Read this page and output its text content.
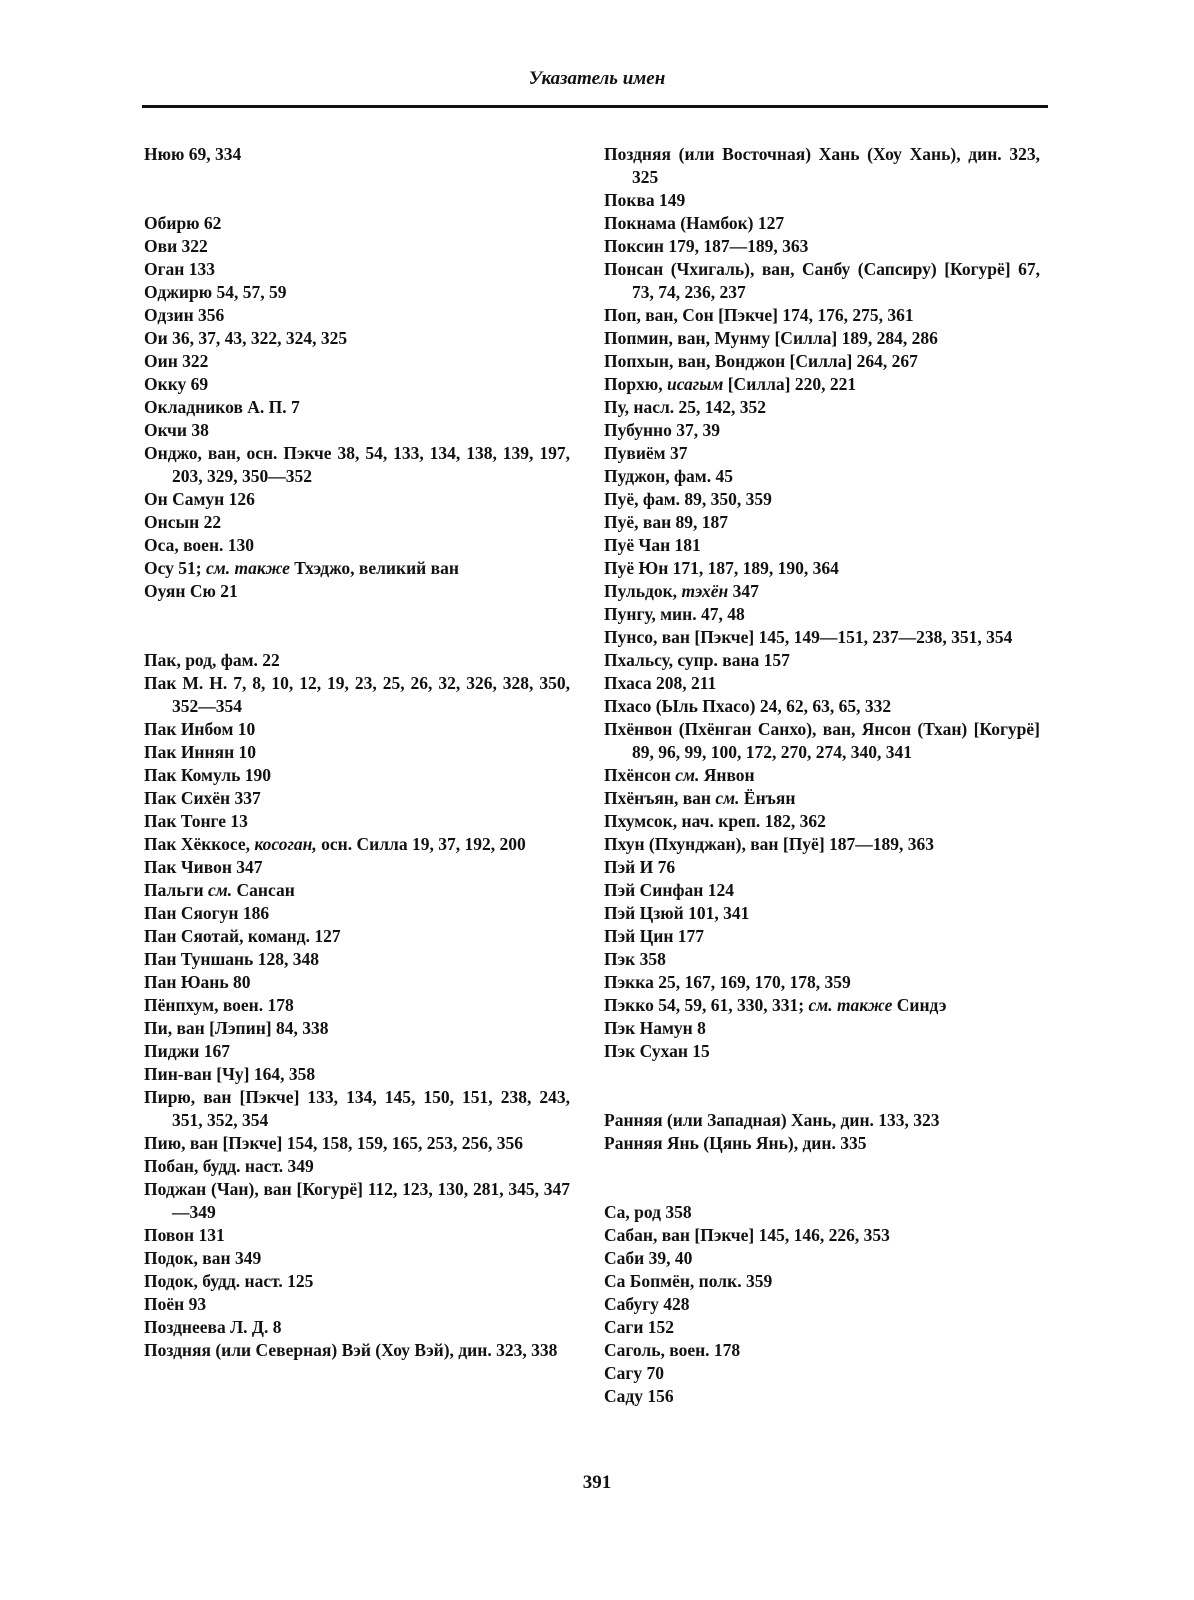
Указатель имен
Нюю 69, 334
Обирю 62
Ови 322
Оган 133
Оджирю 54, 57, 59
Одзин 356
Ои 36, 37, 43, 322, 324, 325
Оин 322
Окку 69
Окладников А. П. 7
Окчи 38
Онджо, ван, осн. Пэкче 38, 54, 133, 134, 138, 139, 197, 203, 329, 350—352
Он Самун 126
Онсын 22
Оса, воен. 130
Осу 51; см. также Тхэджо, великий ван
Оуян Сю 21
Пак, род, фам. 22
Пак М. Н. 7, 8, 10, 12, 19, 23, 25, 26, 32, 326, 328, 350, 352—354
Пак Инбом 10
Пак Иннян 10
Пак Комуль 190
Пак Сихён 337
Пак Тонге 13
Пак Хёккосе, косоган, осн. Силла 19, 37, 192, 200
Пак Чивон 347
Пальги см. Сансан
Пан Сяогун 186
Пан Сяотай, команд. 127
Пан Туншань 128, 348
Пан Юань 80
Пёнпхум, воен. 178
Пи, ван [Лэпин] 84, 338
Пиджи 167
Пин-ван [Чу] 164, 358
Пирю, ван [Пэкче] 133, 134, 145, 150, 151, 238, 243, 351, 352, 354
Пию, ван [Пэкче] 154, 158, 159, 165, 253, 256, 356
Побан, будд. наст. 349
Поджан (Чан), ван [Когурё] 112, 123, 130, 281, 345, 347—349
Повон 131
Подок, ван 349
Подок, будд. наст. 125
Поён 93
Позднеева Л. Д. 8
Поздняя (или Северная) Вэй (Хоу Вэй), дин. 323, 338
Поздняя (или Восточная) Хань (Хоу Хань), дин. 323, 325
Поква 149
Покнама (Намбок) 127
Поксин 179, 187—189, 363
Понсан (Чхигаль), ван, Санбу (Сапсиру) [Когурё] 67, 73, 74, 236, 237
Поп, ван, Сон [Пэкче] 174, 176, 275, 361
Попмин, ван, Мунму [Силла] 189, 284, 286
Попхын, ван, Вонджон [Силла] 264, 267
Порхю, исагым [Силла] 220, 221
Пу, насл. 25, 142, 352
Пубунно 37, 39
Пувиём 37
Пуджон, фам. 45
Пуё, фам. 89, 350, 359
Пуё, ван 89, 187
Пуё Чан 181
Пуё Юн 171, 187, 189, 190, 364
Пульдок, тэхён 347
Пунгу, мин. 47, 48
Пунсо, ван [Пэкче] 145, 149—151, 237—238, 351, 354
Пхальсу, супр. вана 157
Пхаса 208, 211
Пхасо (Ыль Пхасо) 24, 62, 63, 65, 332
Пхёнвон (Пхёнган Санхо), ван, Янсон (Тхан) [Когурё] 89, 96, 99, 100, 172, 270, 274, 340, 341
Пхёнсон см. Янвон
Пхёнъян, ван см. Ёнъян
Пхумсок, нач. креп. 182, 362
Пхун (Пхунджан), ван [Пуё] 187—189, 363
Пэй И 76
Пэй Синфан 124
Пэй Цзюй 101, 341
Пэй Цин 177
Пэк 358
Пэкка 25, 167, 169, 170, 178, 359
Пэкко 54, 59, 61, 330, 331; см. также Синдэ
Пэк Намун 8
Пэк Сухан 15
Ранняя (или Западная) Хань, дин. 133, 323
Ранняя Янь (Цянь Янь), дин. 335
Са, род 358
Сабан, ван [Пэкче] 145, 146, 226, 353
Саби 39, 40
Са Бопмён, полк. 359
Сабугу 428
Саги 152
Саголь, воен. 178
Сагу 70
Саду 156
391
